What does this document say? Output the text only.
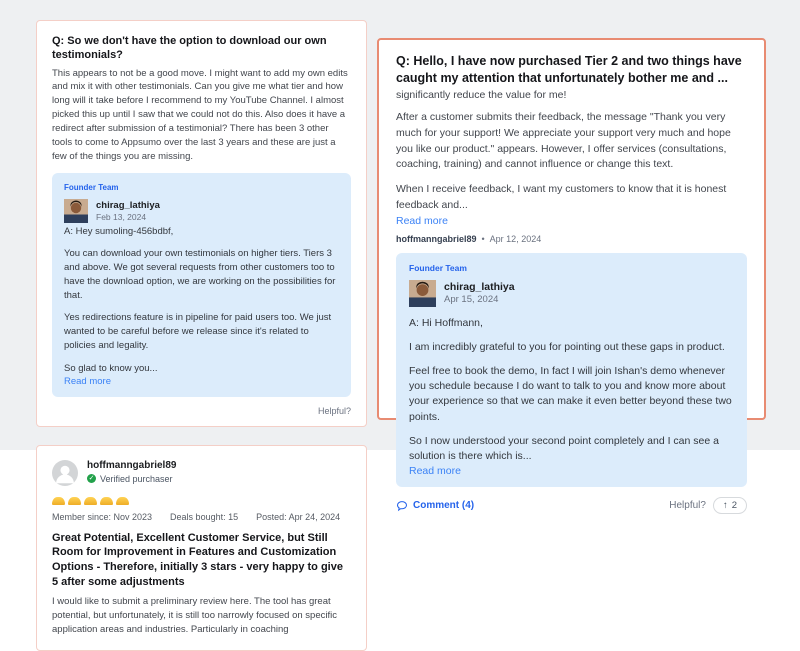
Q: So we don't have the option to download our own testimonials?

This appears to not be a good move. I might want to add my own edits and mix it with other testimonials. Can you give me what tier and how long will it take before I recommend to my YouTube Channel. I almost picked this up until I saw that we could not do this. Also does it have a redirect after submission of a testimonial? There has been 3 other tools to come to Appsumo over the last 3 years and these are just a few of the things you are missing.

Founder Team
chirag_lathiya
Feb 13, 2024

A: Hey sumoling-456bdbf,

You can download your own testimonials on higher tiers. Tiers 3 and above. We got several requests from other customers too to have the download option, we are working on the possibilities for that.

Yes redirections feature is in pipeline for paid users too. We just wanted to be careful before we release since it's related to policies and legality.

So glad to know you...

Read more
Helpful?
hoffmanngabriel89
✓ Verified purchaser
Member since: Nov 2023 Deals bought: 15 Posted: Apr 24, 2024
Great Potential, Excellent Customer Service, but Still Room for Improvement in Features and Customization Options - Therefore, initially 3 stars - very happy to give 5 after some adjustments

I would like to submit a preliminary review here. The tool has great potential, but unfortunately, it is still too narrowly focused on specific application areas and industries. Particularly in coaching

Q: Hello, I have now purchased Tier 2 and two things have caught my attention that unfortunately bother me and ...

significantly reduce the value for me!

After a customer submits their feedback, the message "Thank you very much for your support! We appreciate your support very much and hope you like our product." appears. However, I offer services (consultations, coaching, training) and cannot influence or change this text.

When I receive feedback, I want my customers to know that it is honest feedback and...

Read more
hoffmanngabriel89 • Apr 12, 2024
Founder Team
chirag_lathiya
Apr 15, 2024

A: Hi Hoffmann,

I am incredibly grateful to you for pointing out these gaps in product.

Feel free to book the demo, In fact I will join Ishan's demo whenever you schedule because I do want to talk to you and know more about your experience so that we can make it even better beyond these two points.

So I now understood your second point completely and I can see a solution is there which is...

Read more
Comment (4)	Helpful? ↑ 2
